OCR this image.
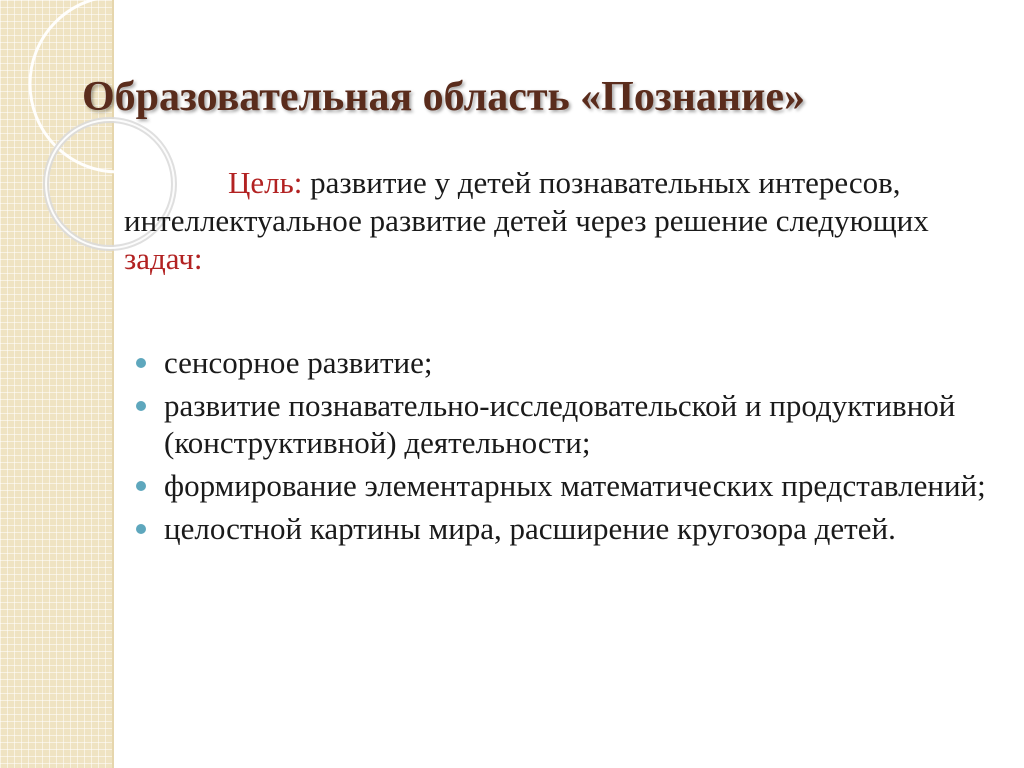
Образовательная область «Познание»

Цель: развитие у детей познавательных интересов, интеллектуальное развитие детей через решение следующих задач:

сенсорное развитие;
развитие познавательно-исследовательской и продуктивной (конструктивной) деятельности;
формирование элементарных математических представлений;
целостной картины мира, расширение кругозора детей.
